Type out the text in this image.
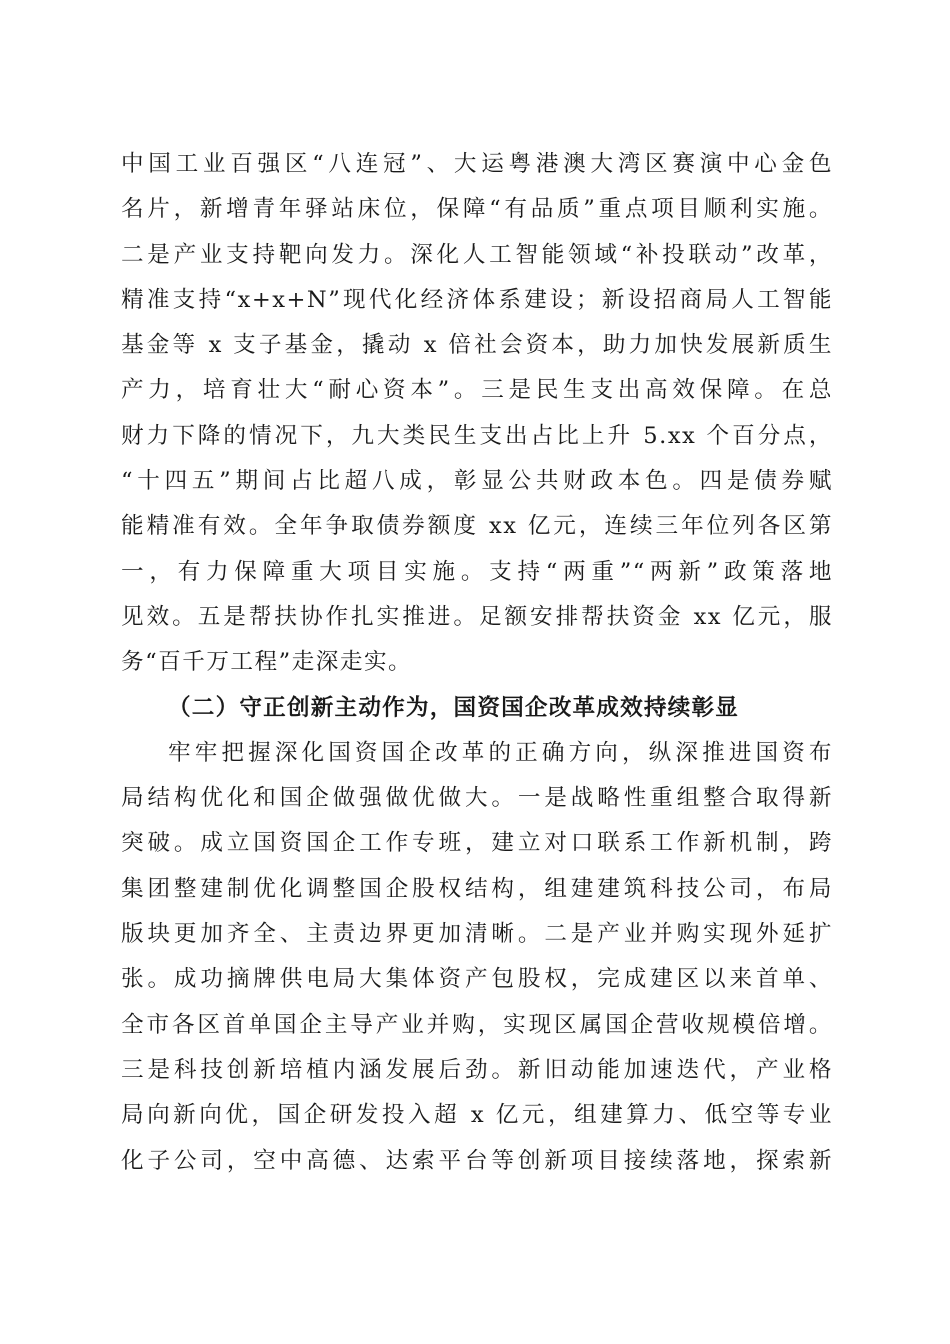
中国工业百强区“八连冠”、大运粤港澳大湾区赛演中心金色
名片，新增青年驿站床位，保障“有品质”重点项目顺利实施。
二是产业支持靶向发力。深化人工智能领域“补投联动”改革，
精准支持“x+x+N”现代化经济体系建设；新设招商局人工智能
基金等 x 支子基金，撬动 x 倍社会资本，助力加快发展新质生
产力，培育壮大“耐心资本”。三是民生支出高效保障。在总
财力下降的情况下，九大类民生支出占比上升 5.xx 个百分点，
“十四五”期间占比超八成，彰显公共财政本色。四是债券赋
能精准有效。全年争取债券额度 xx 亿元，连续三年位列各区第
一，有力保障重大项目实施。支持“两重”“两新”政策落地
见效。五是帮扶协作扎实推进。足额安排帮扶资金 xx 亿元，服
务“百千万工程”走深走实。
（二）守正创新主动作为，国资国企改革成效持续彰显
牢牢把握深化国资国企改革的正确方向，纵深推进国资布
局结构优化和国企做强做优做大。一是战略性重组整合取得新
突破。成立国资国企工作专班，建立对口联系工作新机制，跨
集团整建制优化调整国企股权结构，组建建筑科技公司，布局
版块更加齐全、主责边界更加清晰。二是产业并购实现外延扩
张。成功摘牌供电局大集体资产包股权，完成建区以来首单、
全市各区首单国企主导产业并购，实现区属国企营收规模倍增。
三是科技创新培植内涵发展后劲。新旧动能加速迭代，产业格
局向新向优，国企研发投入超 x 亿元，组建算力、低空等专业
化子公司，空中高德、达索平台等创新项目接续落地，探索新
